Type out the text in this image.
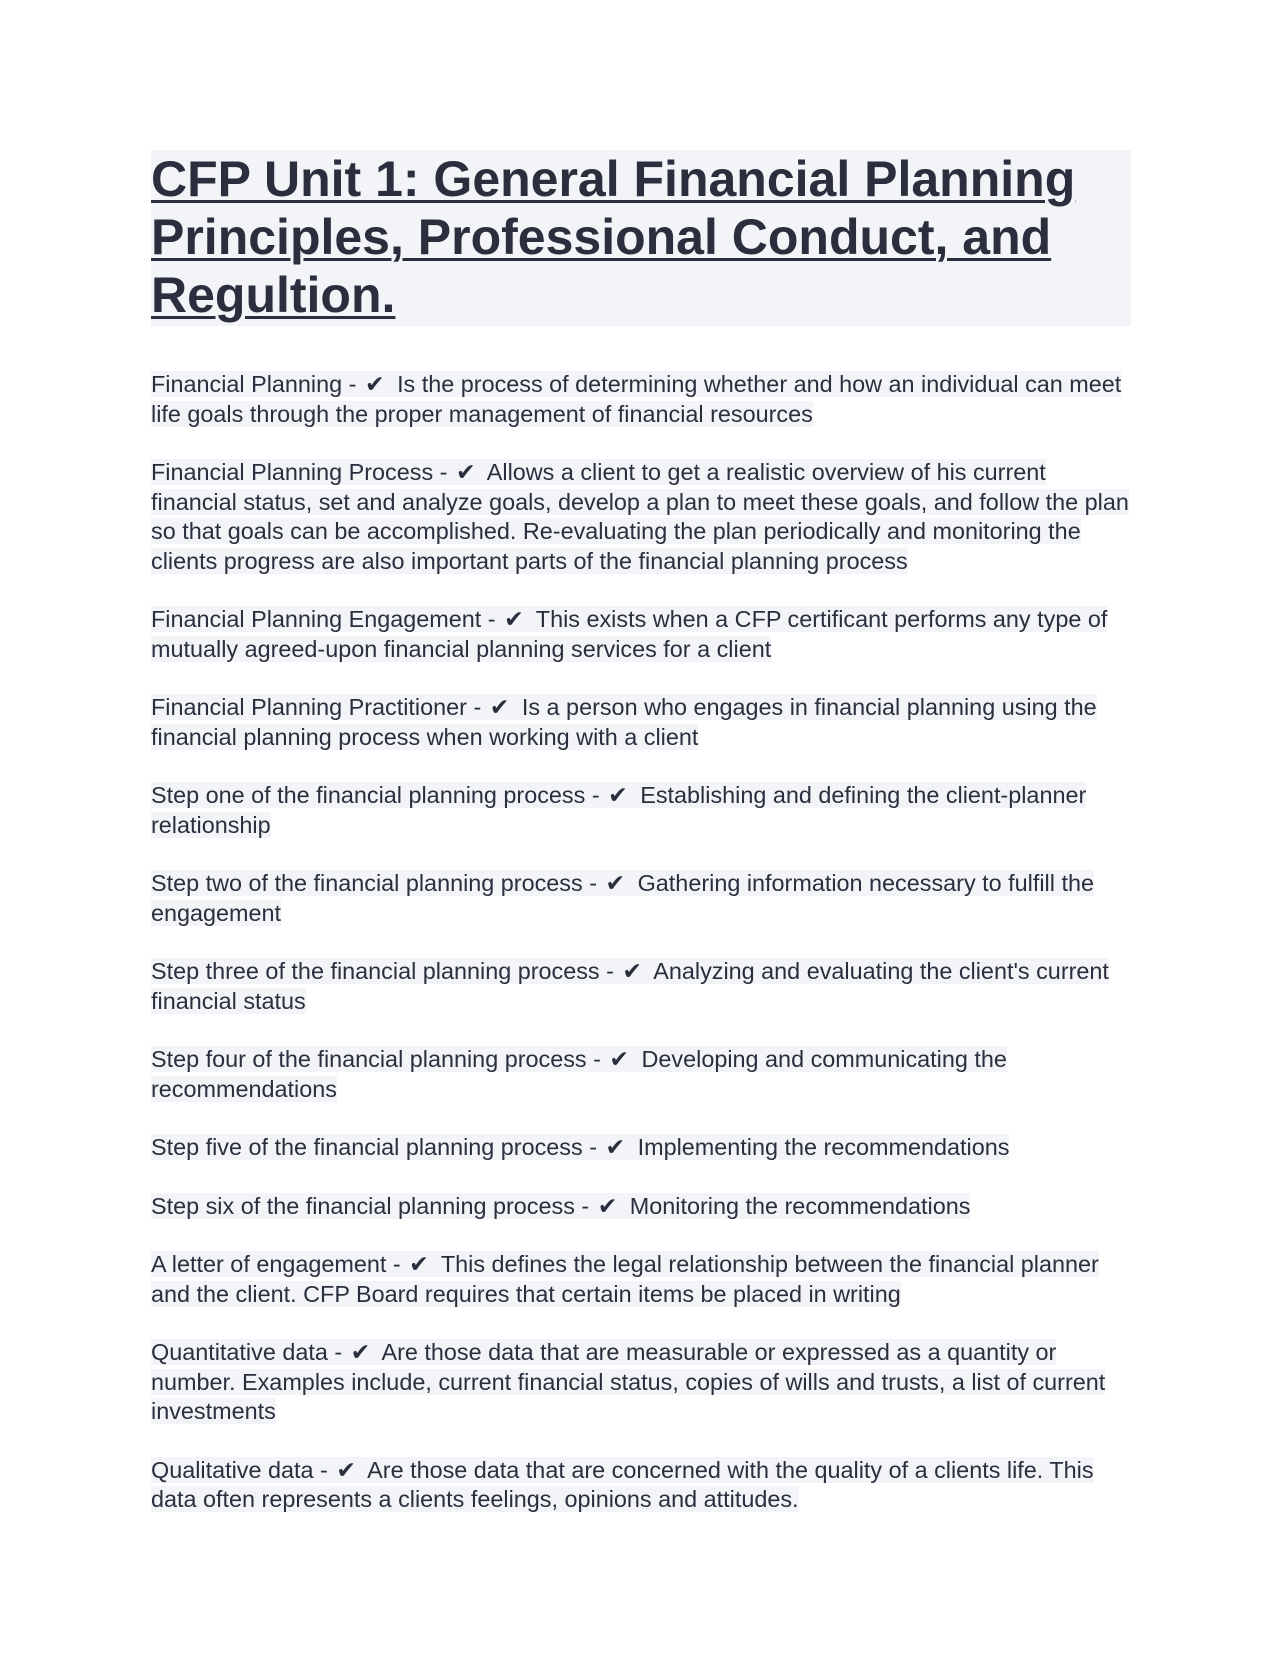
CFP Unit 1: General Financial Planning Principles, Professional Conduct, and Regultion.

Financial Planning - ✔ Is the process of determining whether and how an individual can meet life goals through the proper management of financial resources

Financial Planning Process - ✔ Allows a client to get a realistic overview of his current financial status, set and analyze goals, develop a plan to meet these goals, and follow the plan so that goals can be accomplished. Re-evaluating the plan periodically and monitoring the clients progress are also important parts of the financial planning process

Financial Planning Engagement - ✔ This exists when a CFP certificant performs any type of mutually agreed-upon financial planning services for a client

Financial Planning Practitioner - ✔ Is a person who engages in financial planning using the financial planning process when working with a client

Step one of the financial planning process - ✔ Establishing and defining the client-planner relationship

Step two of the financial planning process - ✔ Gathering information necessary to fulfill the engagement

Step three of the financial planning process - ✔ Analyzing and evaluating the client's current financial status

Step four of the financial planning process - ✔ Developing and communicating the recommendations

Step five of the financial planning process - ✔ Implementing the recommendations

Step six of the financial planning process - ✔ Monitoring the recommendations

A letter of engagement - ✔ This defines the legal relationship between the financial planner and the client. CFP Board requires that certain items be placed in writing

Quantitative data - ✔ Are those data that are measurable or expressed as a quantity or number. Examples include, current financial status, copies of wills and trusts, a list of current investments

Qualitative data - ✔ Are those data that are concerned with the quality of a clients life. This data often represents a clients feelings, opinions and attitudes.
